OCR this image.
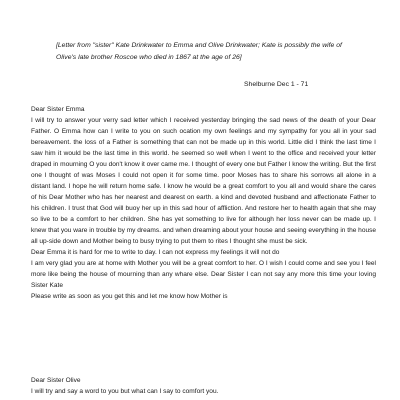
[Letter from "sister" Kate Drinkwater to Emma and Olive Drinkwater; Kate is possibly the wife of Olive's late brother Roscoe who died in 1867 at the age of 26]
Shelburne Dec 1 - 71
Dear Sister Emma

I will try to answer your verry sad letter which I received yesterday bringing the sad news of the death of your Dear Father. O Emma how can I write to you on such ocation my own feelings and my sympathy for you all in your sad bereavement. the loss of a Father is something that can not be made up in this world. Little did I think the last time I saw him it would be the last time in this world. he seemed so well when I went to the office and received your letter draped in mourning O you don't know it over came me. I thought of every one but Father I know the writing. But the first one I thought of was Moses I could not open it for some time. poor Moses has to share his sorrows all alone in a distant land. I hope he will return home safe. I know he would be a great comfort to you all and would share the cares of his Dear Mother who has her nearest and dearest on earth. a kind and devoted husband and affectionate Father to his children. I trust that God will buoy her up in this sad hour of affliction. And restore her to health again that she may so live to be a comfort to her children. She has yet something to live for although her loss never can be made up. I knew that you ware in trouble by my dreams. and when dreaming about your house and seeing everything in the house all up-side down and Mother being to busy trying to put them to rites I thought she must be sick.

Dear Emma it is hard for me to write to day. I can not express my feelings it will not do

I am very glad you are at home with Mother you will be a great comfort to her. O I wish I could come and see you I feel more like being the house of mourning than any whare else. Dear Sister I can not say any more this time your loving Sister Kate

Please write as soon as you get this and let me know how Mother is

Dear Sister Olive

I will try and say a word to you but what can I say to comfort you.
